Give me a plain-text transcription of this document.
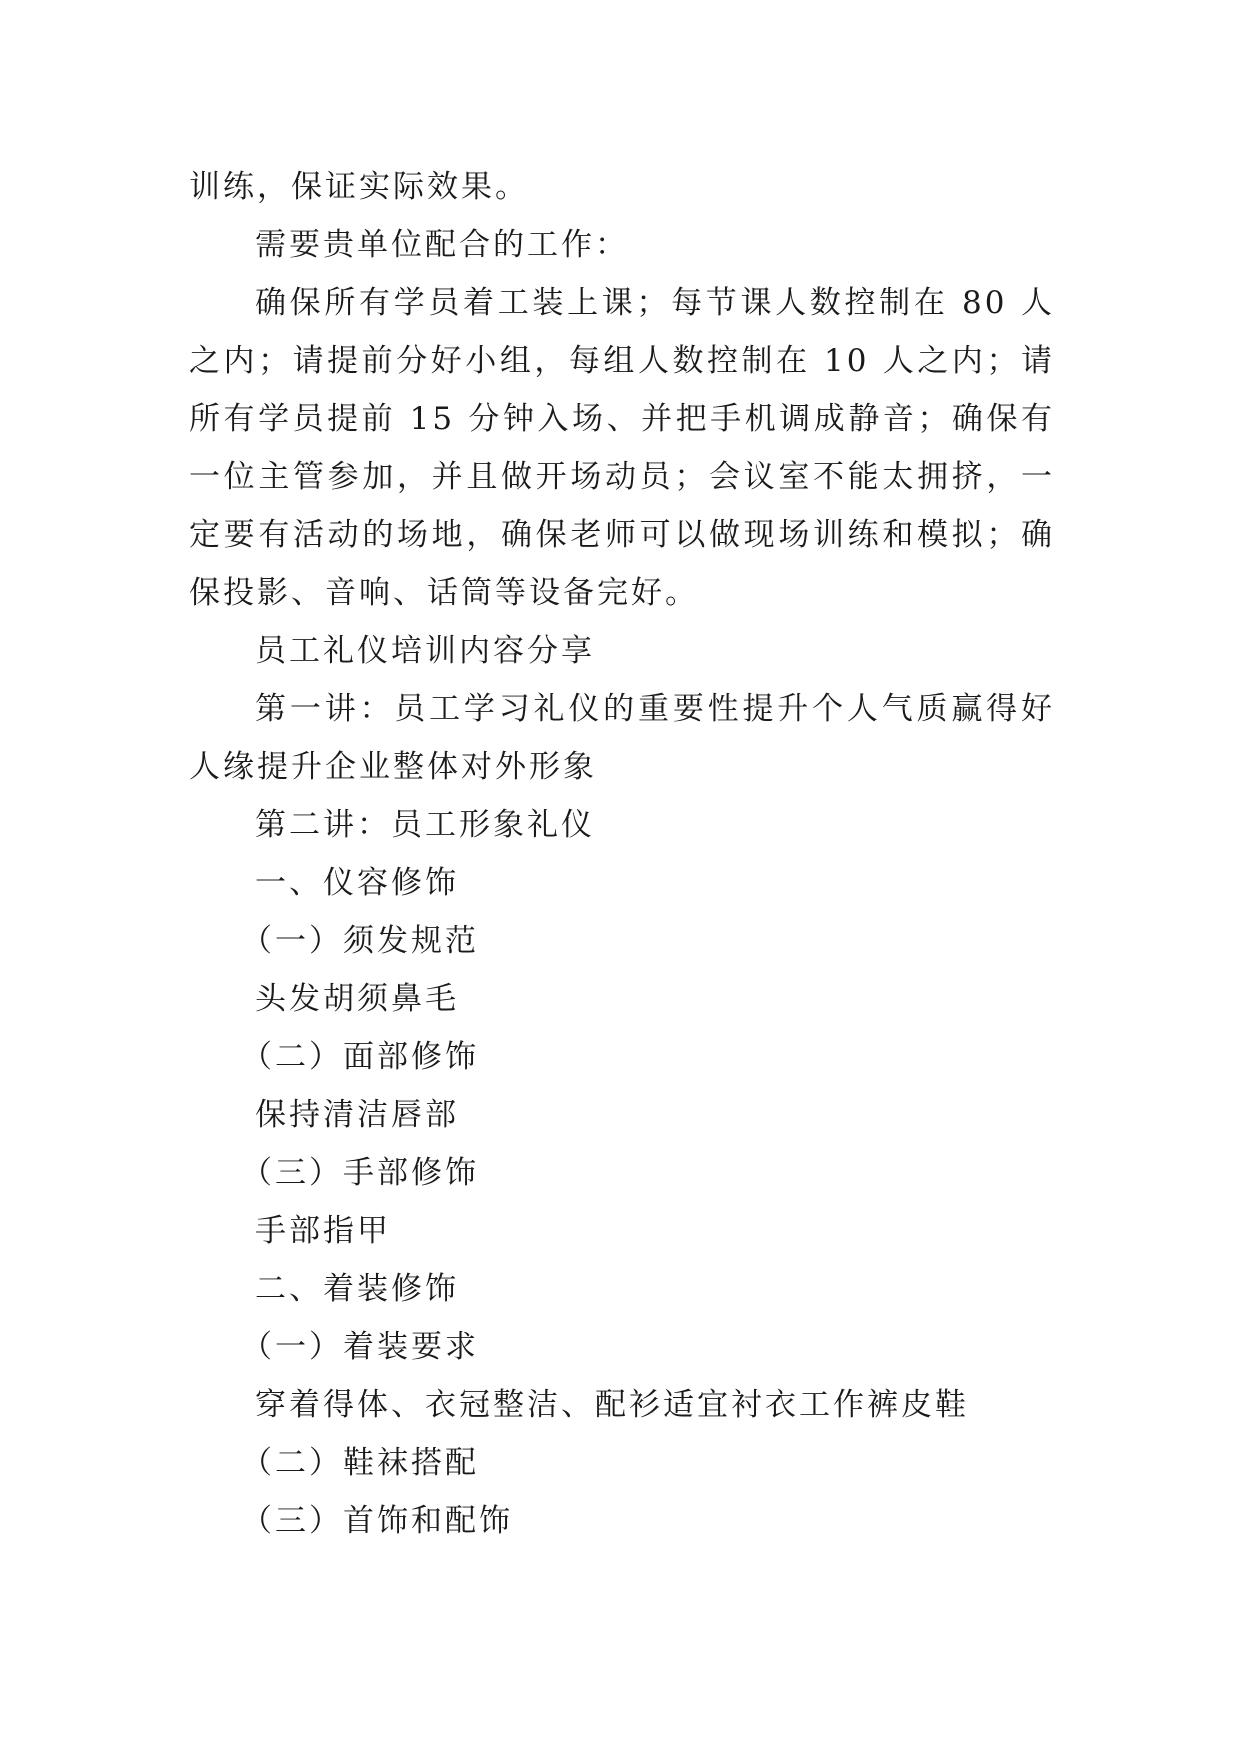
训练，保证实际效果。
需要贵单位配合的工作：

确保所有学员着工装上课；每节课人数控制在 80 人之内；请提前分好小组，每组人数控制在 10 人之内；请所有学员提前 15 分钟入场、并把手机调成静音；确保有一位主管参加，并且做开场动员；会议室不能太拥挤，一定要有活动的场地，确保老师可以做现场训练和模拟；确保投影、音响、话筒等设备完好。

员工礼仪培训内容分享

第一讲：员工学习礼仪的重要性提升个人气质赢得好人缘提升企业整体对外形象

第二讲：员工形象礼仪
一、仪容修饰
（一）须发规范
头发胡须鼻毛
（二）面部修饰
保持清洁唇部
（三）手部修饰
手部指甲
二、着装修饰
（一）着装要求
穿着得体、衣冠整洁、配衫适宜衬衣工作裤皮鞋
（二）鞋袜搭配
（三）首饰和配饰
